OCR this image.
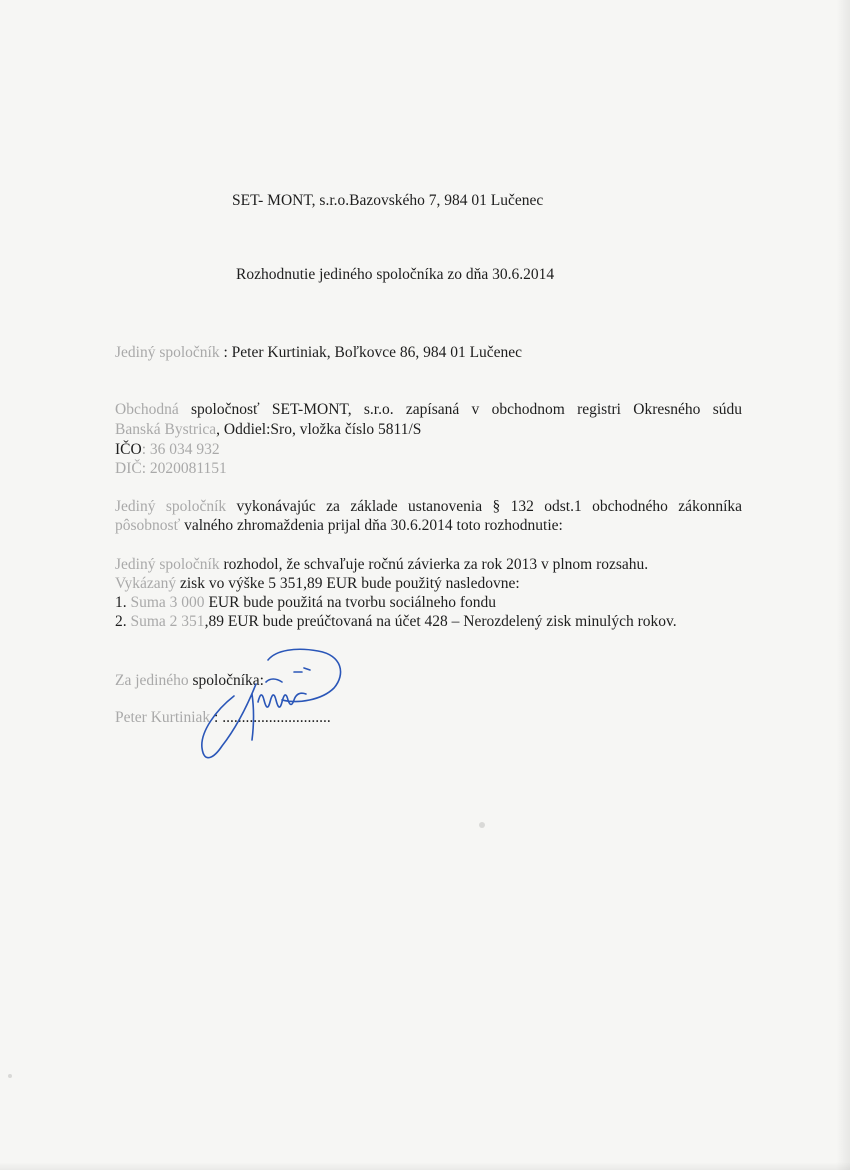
SET- MONT, s.r.o.Bazovského 7, 984 01 Lučenec
Rozhodnutie jediného spoločníka zo dňa 30.6.2014
Jediný spoločník : Peter Kurtiniak, Boľkovce 86, 984 01 Lučenec
Obchodná spoločnosť SET-MONT, s.r.o. zapísaná v obchodnom registri Okresného súdu
Banská Bystrica, Oddiel:Sro, vložka číslo 5811/S
IČO: 36 034 932
DIČ: 2020081151
Jediný spoločník vykonávajúc za základe ustanovenia § 132 odst.1 obchodného zákonníka
pôsobnosť valného zhromaždenia prijal dňa 30.6.2014 toto rozhodnutie:
Jediný spoločník rozhodol, že schvaľuje ročnú závierka za rok 2013 v plnom rozsahu.
Vykázaný zisk vo výške 5 351,89 EUR bude použitý nasledovne:
1. Suma 3 000 EUR bude použitá na tvorbu sociálneho fondu
2. Suma 2 351,89 EUR bude preúčtovaná na účet 428 – Nerozdelený zisk minulých rokov.
Za jediného spoločníka:
Peter Kurtiniak : ............................
